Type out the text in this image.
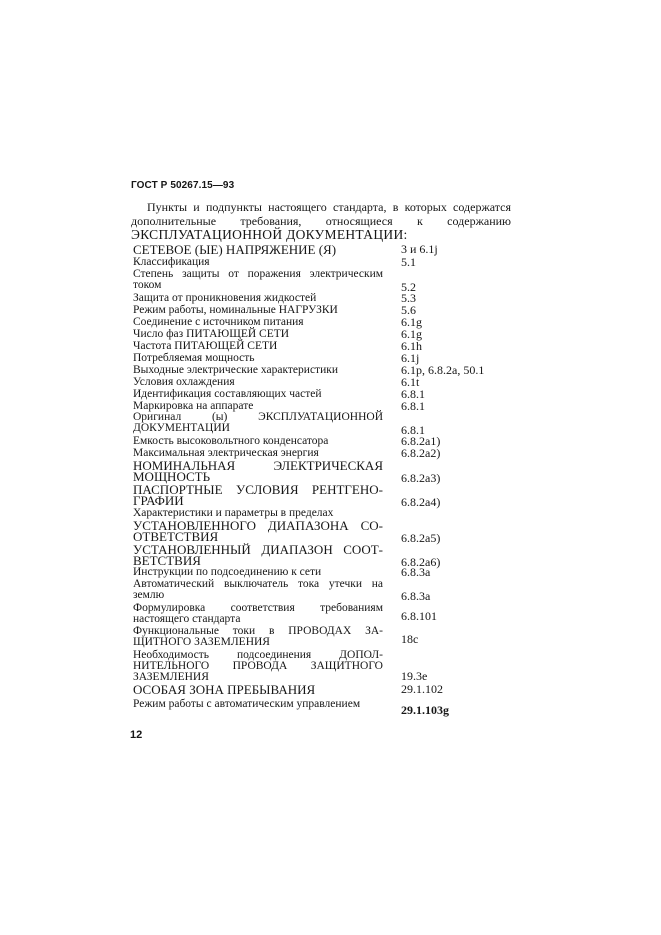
ГОСТ Р 50267.15—93
Пункты и подпункты настоящего стандарта, в которых содержатся дополнительные требования, относящиеся к содержанию ЭКСПЛУАТАЦИОННОЙ ДОКУМЕНТАЦИИ:
СЕТЕВОЕ (ЫЕ) НАПРЯЖЕНИЕ (Я)	3 и 6.1j
Классификация	5.1
Степень защиты от поражения электрическим током	5.2
Защита от проникновения жидкостей	5.3
Режим работы, номинальные НАГРУЗКИ	5.6
Соединение с источником питания	6.1g
Число фаз ПИТАЮЩЕЙ СЕТИ	6.1g
Частота ПИТАЮЩЕЙ СЕТИ	6.1h
Потребляемая мощность	6.1j
Выходные электрические характеристики	6.1p, 6.8.2a, 50.1
Условия охлаждения	6.1t
Идентификация составляющих частей	6.8.1
Маркировка на аппарате	6.8.1
Оригинал (ы) ЭКСПЛУАТАЦИОННОЙ ДОКУМЕНТАЦИИ	6.8.1
Емкость высоковольтного конденсатора	6.8.2a1)
Максимальная электрическая энергия	6.8.2a2)
НОМИНАЛЬНАЯ ЭЛЕКТРИЧЕСКАЯ МОЩНОСТЬ	6.8.2a3)
ПАСПОРТНЫЕ УСЛОВИЯ РЕНТГЕНОГРАФИИ	6.8.2a4)
Характеристики и параметры в пределах
УСТАНОВЛЕННОГО ДИАПАЗОНА СООТВЕТСТВИЯ	6.8.2a5)
УСТАНОВЛЕННЫЙ ДИАПАЗОН СООТВЕТСТВИЯ	6.8.2a6)
Инструкции по подсоединению к сети	6.8.3a
Автоматический выключатель тока утечки на землю	6.8.3a
Формулировка соответствия требованиям настоящего стандарта	6.8.101
Функциональные токи в ПРОВОДАХ ЗАЩИТНОГО ЗАЗЕМЛЕНИЯ	18c
Необходимость подсоединения ДОПОЛНИТЕЛЬНОГО ПРОВОДА ЗАЩИТНОГО ЗАЗЕМЛЕНИЯ	19.3e
ОСОБАЯ ЗОНА ПРЕБЫВАНИЯ	29.1.102
Режим работы с автоматическим управлением	29.1.103g
12
